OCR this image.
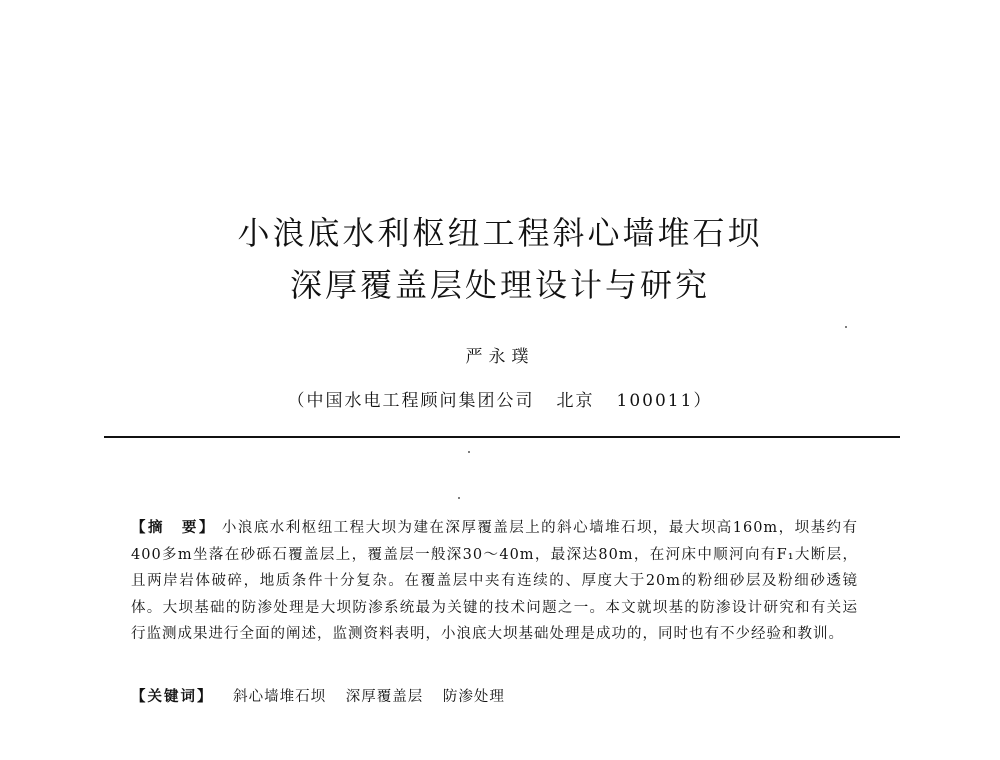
小浪底水利枢纽工程斜心墙堆石坝
深厚覆盖层处理设计与研究
严永璞
（中国水电工程顾问集团公司 北京 100011）
【摘　要】 小浪底水利枢纽工程大坝为建在深厚覆盖层上的斜心墙堆石坝，最大坝高160m，坝基约有400多m坐落在砂砾石覆盖层上，覆盖层一般深30～40m，最深达80m，在河床中顺河向有F₁大断层，且两岸岩体破碎，地质条件十分复杂。在覆盖层中夹有连续的、厚度大于20m的粉细砂层及粉细砂透镜体。大坝基础的防渗处理是大坝防渗系统最为关键的技术问题之一。本文就坝基的防渗设计研究和有关运行监测成果进行全面的阐述，监测资料表明，小浪底大坝基础处理是成功的，同时也有不少经验和教训。
【关键词】 斜心墙堆石坝 深厚覆盖层 防渗处理
